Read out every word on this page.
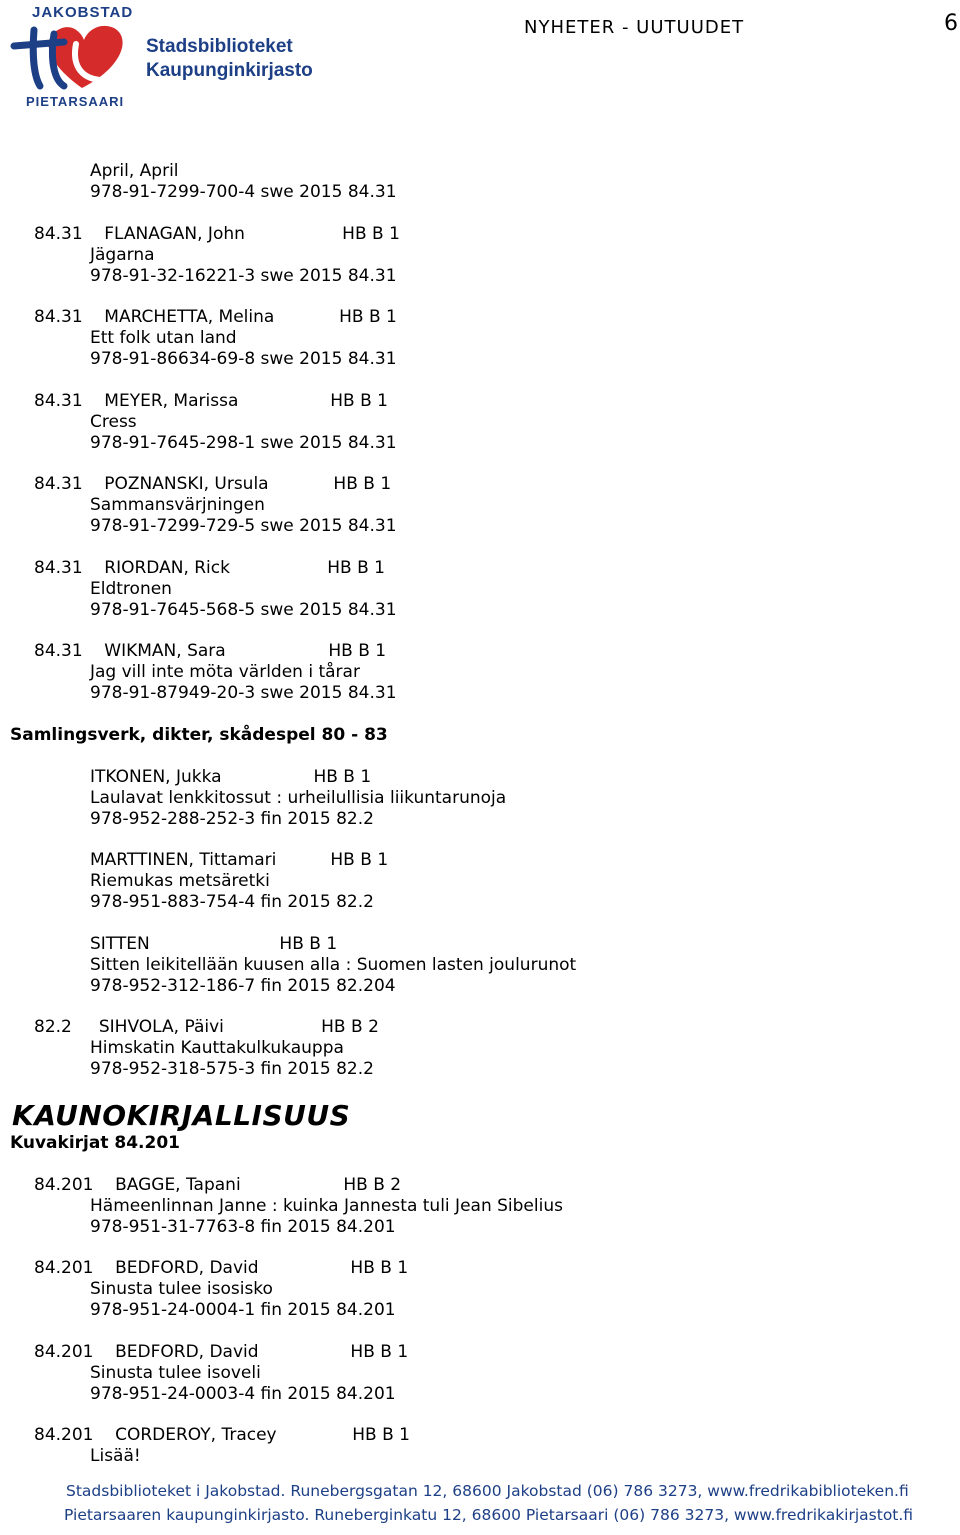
JAKOBSTAD
Stadsbiblioteket
Kaupunginkirjasto
PIETARSAARI
NYHETER - UUTUUDET	6
April, April
978-91-7299-700-4 swe 2015 84.31
84.31    FLANAGAN, John                  HB B 1
Jägarna
978-91-32-16221-3 swe 2015 84.31
84.31    MARCHETTA, Melina            HB B 1
Ett folk utan land
978-91-86634-69-8 swe 2015 84.31
84.31    MEYER, Marissa                 HB B 1
Cress
978-91-7645-298-1 swe 2015 84.31
84.31    POZNANSKI, Ursula            HB B 1
Sammansvärjningen
978-91-7299-729-5 swe 2015 84.31
84.31    RIORDAN, Rick                  HB B 1
Eldtronen
978-91-7645-568-5 swe 2015 84.31
84.31    WIKMAN, Sara                   HB B 1
Jag vill inte möta världen i tårar
978-91-87949-20-3 swe 2015 84.31
Samlingsverk, dikter, skådespel 80 - 83
ITKONEN, Jukka                 HB B 1
Laulavat lenkkitossut : urheilullisia liikuntarunoja
978-952-288-252-3 fin 2015 82.2
MARTTINEN, Tittamari          HB B 1
Riemukas metsäretki
978-951-883-754-4 fin 2015 82.2
SITTEN                        HB B 1
Sitten leikitellään kuusen alla : Suomen lasten joulurunot
978-952-312-186-7 fin 2015 82.204
82.2     SIHVOLA, Päivi                  HB B 2
Himskatin Kauttakulkukauppa
978-952-318-575-3 fin 2015 82.2
KAUNOKIRJALLISUUS
Kuvakirjat 84.201
84.201    BAGGE, Tapani                   HB B 2
Hämeenlinnan Janne : kuinka Jannesta tuli Jean Sibelius
978-951-31-7763-8 fin 2015 84.201
84.201    BEDFORD, David                 HB B 1
Sinusta tulee isosisko
978-951-24-0004-1 fin 2015 84.201
84.201    BEDFORD, David                 HB B 1
Sinusta tulee isoveli
978-951-24-0003-4 fin 2015 84.201
84.201    CORDEROY, Tracey              HB B 1
Lisää!
Stadsbiblioteket i Jakobstad. Runebergsgatan 12, 68600 Jakobstad (06) 786 3273, www.fredrikabiblioteken.fi
Pietarsaaren kaupunginkirjasto. Runeberginkatu 12, 68600 Pietarsaari (06) 786 3273, www.fredrikakirjastot.fi
